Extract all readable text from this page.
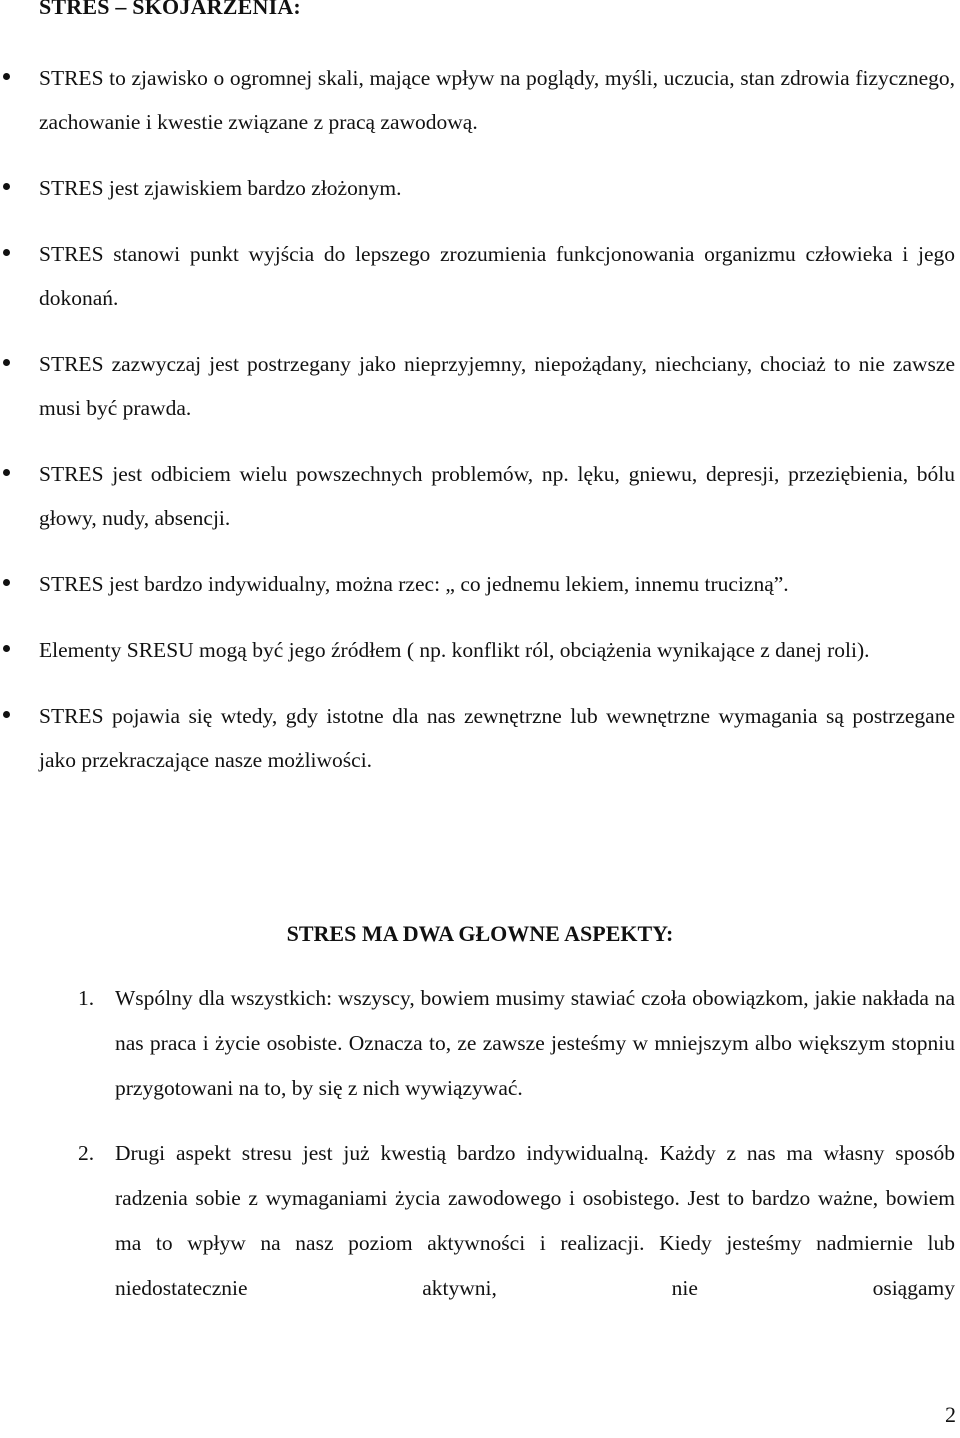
STRES – SKOJARZENIA:
STRES to zjawisko o ogromnej skali, mające wpływ na poglądy, myśli, uczucia, stan zdrowia fizycznego, zachowanie i kwestie związane z pracą zawodową.
STRES jest zjawiskiem bardzo złożonym.
STRES stanowi punkt wyjścia do lepszego zrozumienia funkcjonowania organizmu człowieka i jego dokonań.
STRES zazwyczaj jest postrzegany jako nieprzyjemny, niepożądany, niechciany, chociaż to nie zawsze musi być prawda.
STRES jest odbiciem wielu powszechnych problemów, np. lęku, gniewu, depresji, przeziębienia, bólu głowy, nudy, absencji.
STRES jest bardzo indywidualny, można rzec: „ co jednemu lekiem, innemu trucizną”.
Elementy SRESU mogą być jego źródłem ( np. konflikt ról, obciążenia wynikające z danej roli).
STRES pojawia się wtedy, gdy istotne dla nas zewnętrzne lub wewnętrzne wymagania są postrzegane jako przekraczające nasze możliwości.
STRES MA DWA GŁOWNE ASPEKTY:
1. Wspólny dla wszystkich: wszyscy, bowiem musimy stawiać czoła obowiązkom, jakie nakłada na nas praca i życie osobiste. Oznacza to, ze zawsze jesteśmy w mniejszym albo większym stopniu przygotowani na to, by się z nich wywiązywać.
2. Drugi aspekt stresu jest już kwestią bardzo indywidualną. Każdy z nas ma własny sposób radzenia sobie z wymaganiami życia zawodowego i osobistego. Jest to bardzo ważne, bowiem ma to wpływ na nasz poziom aktywności i realizacji. Kiedy jesteśmy nadmiernie lub niedostatecznie aktywni, nie osiągamy
2
